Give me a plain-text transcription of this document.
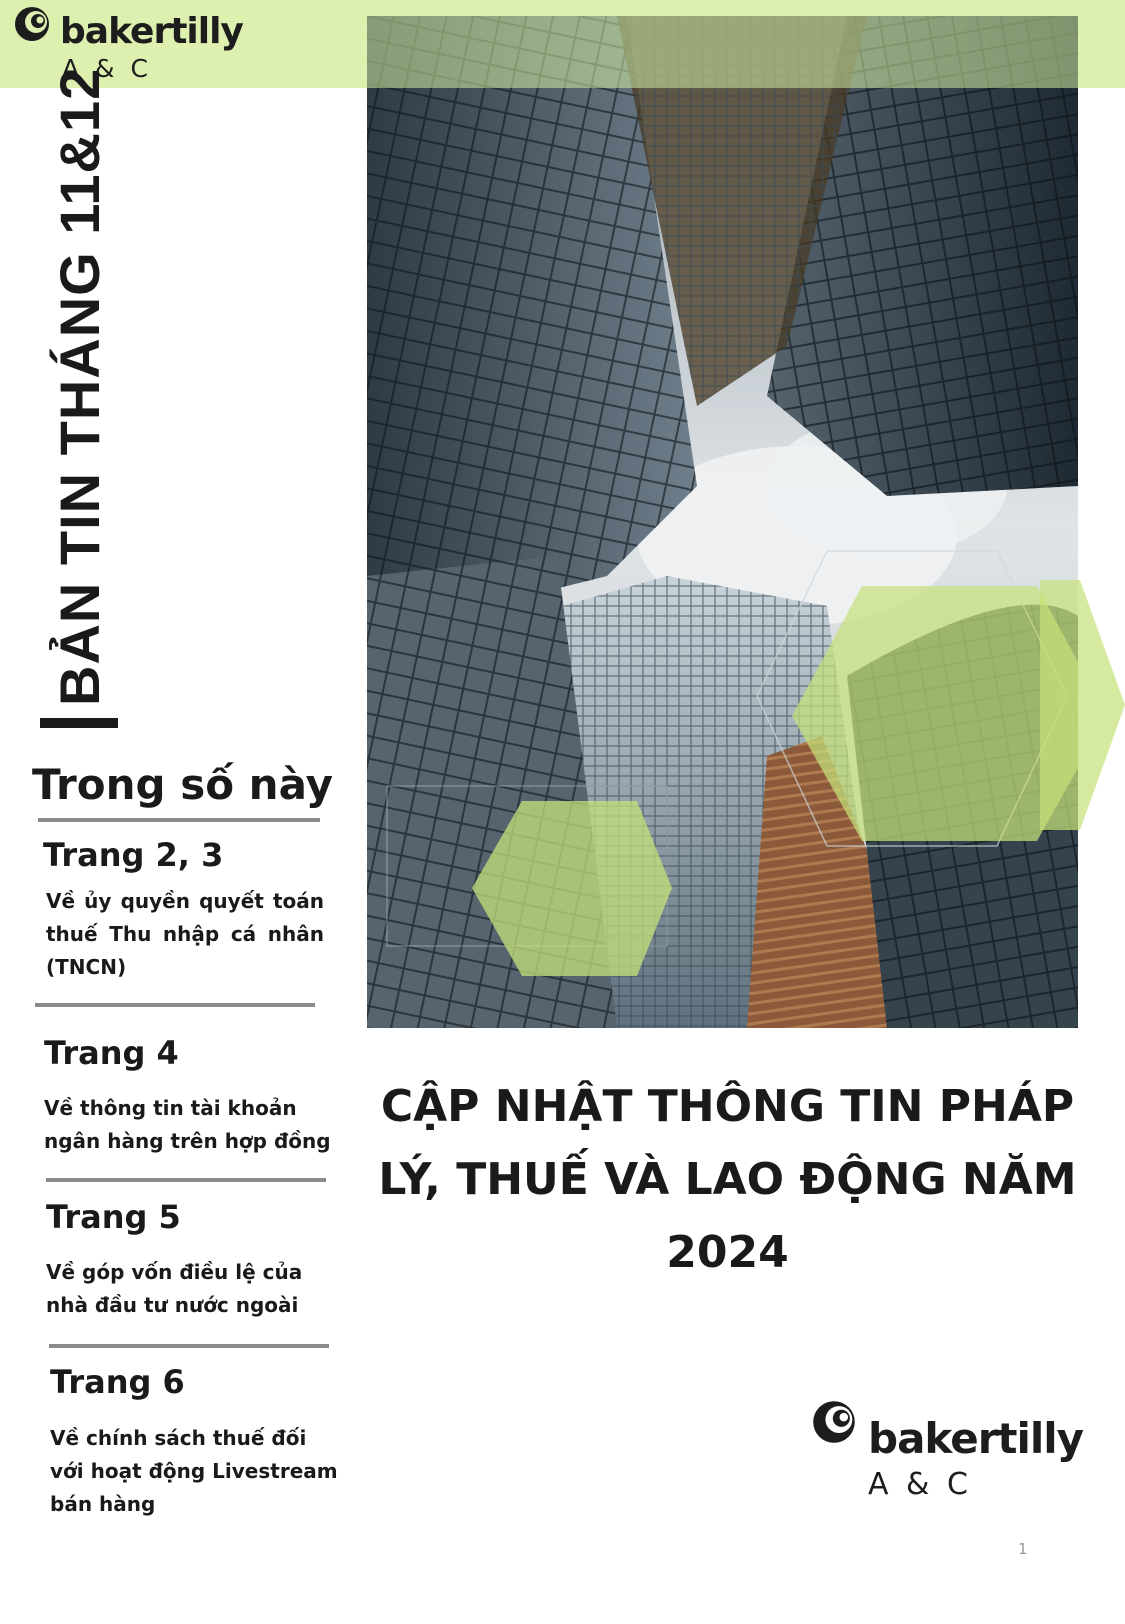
bakertilly
A & C
BẢN TIN THÁNG 11&12
Trong số này
Trang 2, 3

Về ủy quyền quyết toán thuế Thu nhập cá nhân (TNCN)

Trang 4

Về thông tin tài khoản
ngân hàng trên hợp đồng

Trang 5

Về góp vốn điều lệ của
nhà đầu tư nước ngoài

Trang 6

Về chính sách thuế đối
với hoạt động Livestream
bán hàng

CẬP NHẬT THÔNG TIN PHÁP
LÝ, THUẾ VÀ LAO ĐỘNG NĂM
2024
bakertilly
A & C
1
